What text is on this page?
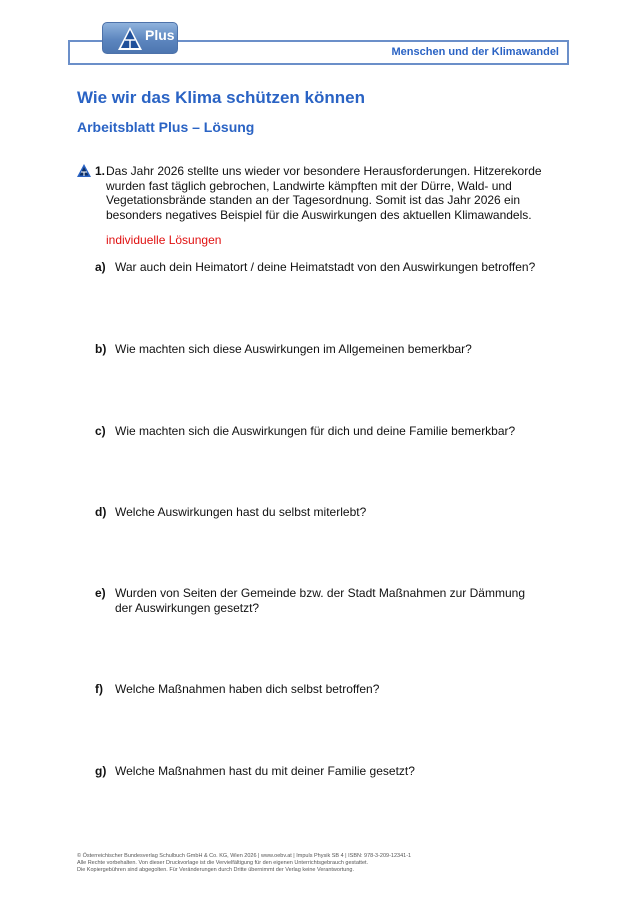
Menschen und der Klimawandel
Plus
Wie wir das Klima schützen können
Arbeitsblatt Plus – Lösung
1. Das Jahr 2026 stellte uns wieder vor besondere Herausforderungen. Hitzerekorde wurden fast täglich gebrochen, Landwirte kämpften mit der Dürre, Wald- und Vegetationsbrände standen an der Tagesordnung. Somit ist das Jahr 2026 ein besonders negatives Beispiel für die Auswirkungen des aktuellen Klimawandels.
individuelle Lösungen
a) War auch dein Heimatort / deine Heimatstadt von den Auswirkungen betroffen?
b) Wie machten sich diese Auswirkungen im Allgemeinen bemerkbar?
c) Wie machten sich die Auswirkungen für dich und deine Familie bemerkbar?
d) Welche Auswirkungen hast du selbst miterlebt?
e) Wurden von Seiten der Gemeinde bzw. der Stadt Maßnahmen zur Dämmung der Auswirkungen gesetzt?
f) Welche Maßnahmen haben dich selbst betroffen?
g) Welche Maßnahmen hast du mit deiner Familie gesetzt?
© Österreichischer Bundesverlag Schulbuch GmbH & Co. KG, Wien 2026 | www.oebv.at | Impuls Physik SB 4 | ISBN: 978-3-209-12341-1
Alle Rechte vorbehalten. Von dieser Druckvorlage ist die Vervielfältigung für den eigenen Unterrichtsgebrauch gestattet.
Die Kopiergebühren sind abgegolten. Für Veränderungen durch Dritte übernimmt der Verlag keine Verantwortung.
